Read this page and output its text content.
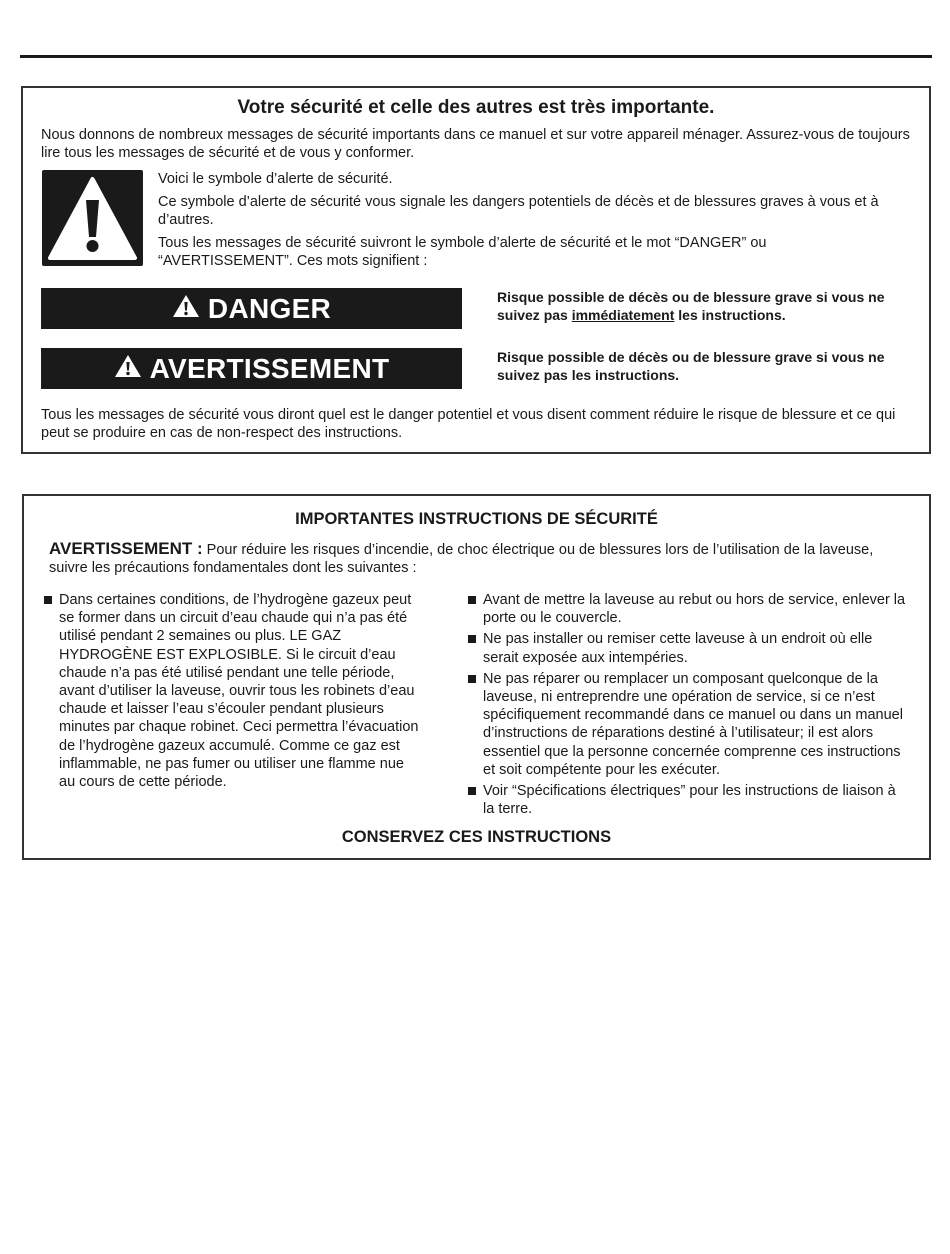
Votre sécurité et celle des autres est très importante.

Nous donnons de nombreux messages de sécurité importants dans ce manuel et sur votre appareil ménager. Assurez-vous de toujours lire tous les messages de sécurité et de vous y conformer.

Voici le symbole d’alerte de sécurité.

Ce symbole d’alerte de sécurité vous signale les dangers potentiels de décès et de blessures graves à vous et à d’autres.

Tous les messages de sécurité suivront le symbole d’alerte de sécurité et le mot “DANGER” ou “AVERTISSEMENT”. Ces mots signifient :

DANGER	Risque possible de décès ou de blessure grave si vous ne suivez pas immédiatement les instructions.

AVERTISSEMENT	Risque possible de décès ou de blessure grave si vous ne suivez pas les instructions.

Tous les messages de sécurité vous diront quel est le danger potentiel et vous disent comment réduire le risque de blessure et ce qui peut se produire en cas de non-respect des instructions.

IMPORTANTES INSTRUCTIONS DE SÉCURITÉ

AVERTISSEMENT : Pour réduire les risques d’incendie, de choc électrique ou de blessures lors de l’utilisation de la laveuse, suivre les précautions fondamentales dont les suivantes :

Dans certaines conditions, de l’hydrogène gazeux peut se former dans un circuit d’eau chaude qui n’a pas été utilisé pendant 2 semaines ou plus. LE GAZ HYDROGÈNE EST EXPLOSIBLE. Si le circuit d’eau chaude n’a pas été utilisé pendant une telle période, avant d’utiliser la laveuse, ouvrir tous les robinets d’eau chaude et laisser l’eau s’écouler pendant plusieurs minutes par chaque robinet. Ceci permettra l’évacuation de l’hydrogène gazeux accumulé. Comme ce gaz est inflammable, ne pas fumer ou utiliser une flamme nue au cours de cette période.
Avant de mettre la laveuse au rebut ou hors de service, enlever la porte ou le couvercle.
Ne pas installer ou remiser cette laveuse à un endroit où elle serait exposée aux intempéries.
Ne pas réparer ou remplacer un composant quelconque de la laveuse, ni entreprendre une opération de service, si ce n’est spécifiquement recommandé dans ce manuel ou dans un manuel d’instructions de réparations destiné à l’utilisateur; il est alors essentiel que la personne concernée comprenne ces instructions et soit compétente pour les exécuter.
Voir “Spécifications électriques” pour les instructions de liaison à la terre.
CONSERVEZ CES INSTRUCTIONS
